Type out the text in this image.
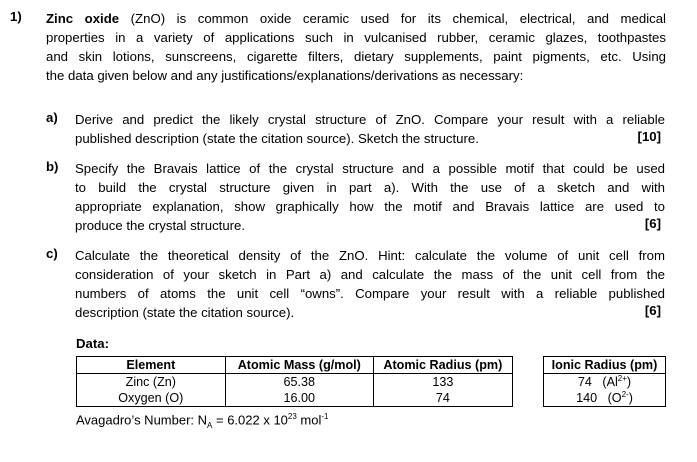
1) Zinc oxide (ZnO) is common oxide ceramic used for its chemical, electrical, and medical
properties in a variety of applications such in vulcanised rubber, ceramic glazes, toothpastes
and skin lotions, sunscreens, cigarette filters, dietary supplements, paint pigments, etc. Using
the data given below and any justifications/explanations/derivations as necessary:
a) Derive and predict the likely crystal structure of ZnO. Compare your result with a reliable
published description (state the citation source). Sketch the structure.	[10]
b) Specify the Bravais lattice of the crystal structure and a possible motif that could be used
to build the crystal structure given in part a). With the use of a sketch and with
appropriate explanation, show graphically how the motif and Bravais lattice are used to
produce the crystal structure.	[6]
c) Calculate the theoretical density of the ZnO. Hint: calculate the volume of unit cell from
consideration of your sketch in Part a) and calculate the mass of the unit cell from the
numbers of atoms the unit cell “owns”. Compare your result with a reliable published
description (state the citation source).	[6]
Data:
Element	Atomic Mass (g/mol)	Atomic Radius (pm)		Ionic Radius (pm)
Zinc (Zn)	65.38	133		74 $(Al^{2+})$
Oxygen (O)	16.00	74		140 $(O^{2-})$
Avagadro’s Number: $N_A = 6.022$ x $10^{23}$ mol$^{-1}$
